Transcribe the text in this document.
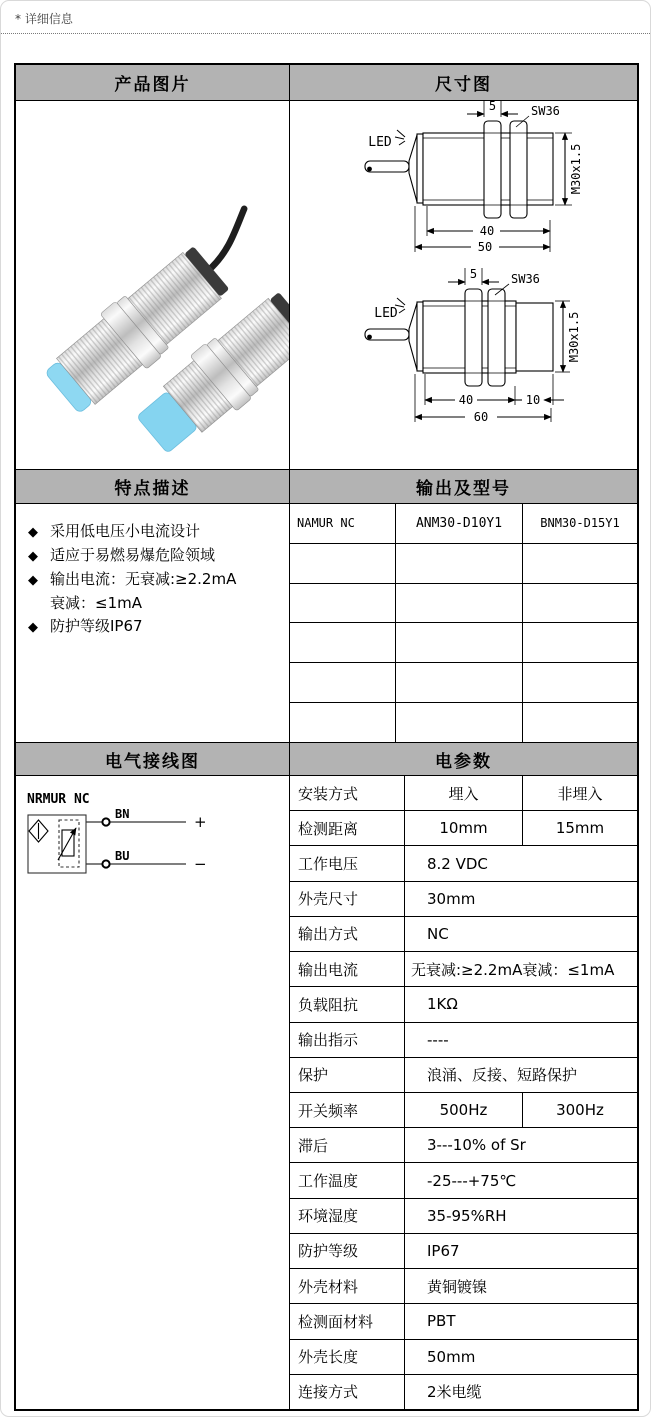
* 详细信息
产品图片	尺寸图
LED
5	SW36
M30x1.5
40
50
LED
5	SW36
M30x1.5
40	10
60
特点描述	输出及型号
◆ 采用低电压小电流设计
◆ 适应于易燃易爆危险领域
◆ 输出电流：无衰减:≥2.2mA
衰减：≤1mA
◆ 防护等级IP67
NAMUR NC	ANM30-D10Y1	BNM30-D15Y1
电气接线图	电参数
NRMUR NC
BN
BU
+
−
安装方式	埋入	非埋入
检测距离	10mm	15mm
工作电压	8.2 VDC
外壳尺寸	30mm
输出方式	NC
输出电流	无衰减:≥2.2mA衰减：≤1mA
负载阻抗	1KΩ
输出指示	----
保护	浪涌、反接、短路保护
开关频率	500Hz	300Hz
滞后	3---10% of Sr
工作温度	-25---+75℃
环境湿度	35-95%RH
防护等级	IP67
外壳材料	黄铜镀镍
检测面材料	PBT
外壳长度	50mm
连接方式	2米电缆
